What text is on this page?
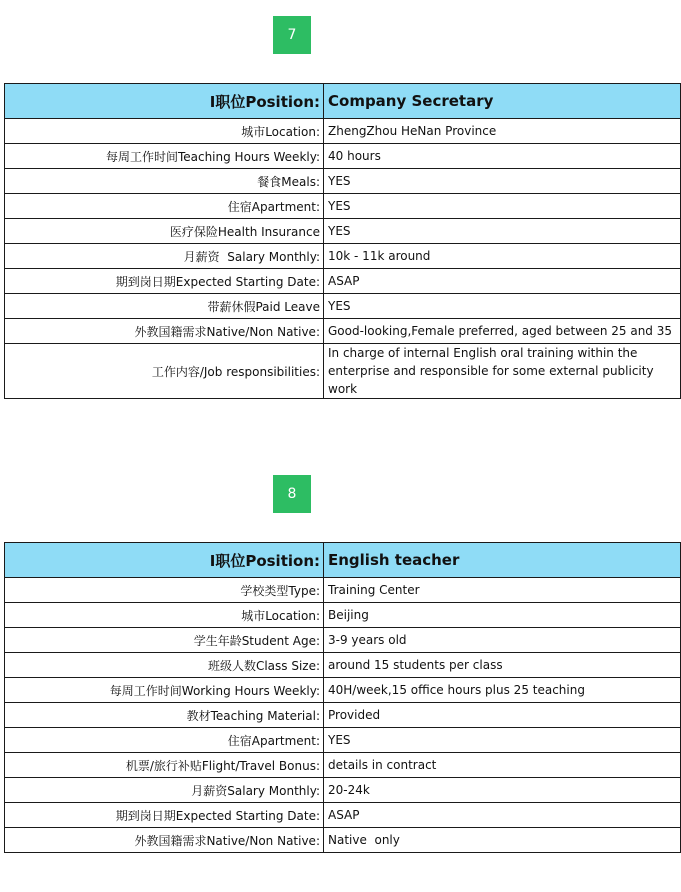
7
I职位Position:	Company Secretary
城市Location:	ZhengZhou HeNan Province
每周工作时间Teaching Hours Weekly:	40 hours
餐食Meals:	YES
住宿Apartment:	YES
医疗保险Health Insurance	YES
月薪资  Salary Monthly:	10k - 11k around
期到岗日期Expected Starting Date:	ASAP
带薪休假Paid Leave	YES
外教国籍需求Native/Non Native:	Good-looking,Female preferred, aged between 25 and 35
工作内容/Job responsibilities:	In charge of internal English oral training within the enterprise and responsible for some external publicity work
8
I职位Position:	English teacher
学校类型Type:	Training Center
城市Location:	Beijing
学生年龄Student Age:	3-9 years old
班级人数Class Size:	around 15 students per class
每周工作时间Working Hours Weekly:	40H/week,15 office hours plus 25 teaching
教材Teaching Material:	Provided
住宿Apartment:	YES
机票/旅行补贴Flight/Travel Bonus:	details in contract
月薪资Salary Monthly:	20-24k
期到岗日期Expected Starting Date:	ASAP
外教国籍需求Native/Non Native:	Native  only
